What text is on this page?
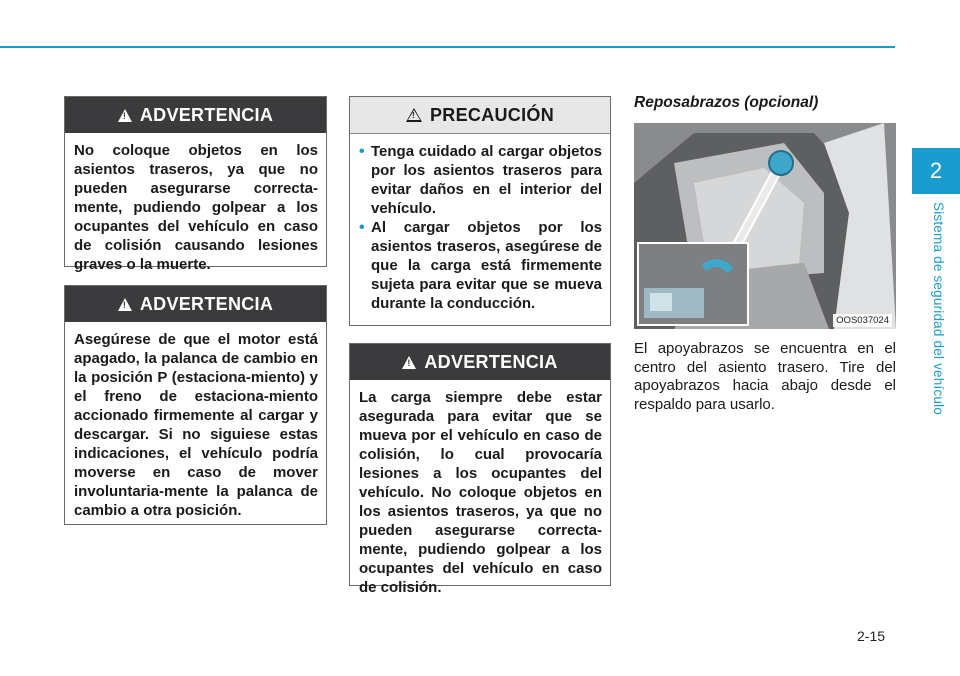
2
Sistema de seguridad del vehículo
!
ADVERTENCIA
No coloque objetos en los asientos traseros, ya que no pueden asegurarse correcta-mente, pudiendo golpear a los ocupantes del vehículo en caso de colisión causando lesiones graves o la muerte.
!
ADVERTENCIA
Asegúrese de que el motor está apagado, la palanca de cambio en la posición P (estaciona-miento) y el freno de estaciona-miento accionado firmemente al cargar y descargar. Si no siguiese estas indicaciones, el vehículo podría moverse en caso de mover involuntaria-mente la palanca de cambio a otra posición.
!
PRECAUCIÓN
• Tenga cuidado al cargar objetos por los asientos traseros para evitar daños en el interior del vehículo.
• Al cargar objetos por los asientos traseros, asegúrese de que la carga está firmemente sujeta para evitar que se mueva durante la conducción.
!
ADVERTENCIA
La carga siempre debe estar asegurada para evitar que se mueva por el vehículo en caso de colisión, lo cual provocaría lesiones a los ocupantes del vehículo. No coloque objetos en los asientos traseros, ya que no pueden asegurarse correcta-mente, pudiendo golpear a los ocupantes del vehículo en caso de colisión.
Reposabrazos (opcional)
OOS037024
El apoyabrazos se encuentra en el centro del asiento trasero. Tire del apoyabrazos hacia abajo desde el respaldo para usarlo.
2-15
